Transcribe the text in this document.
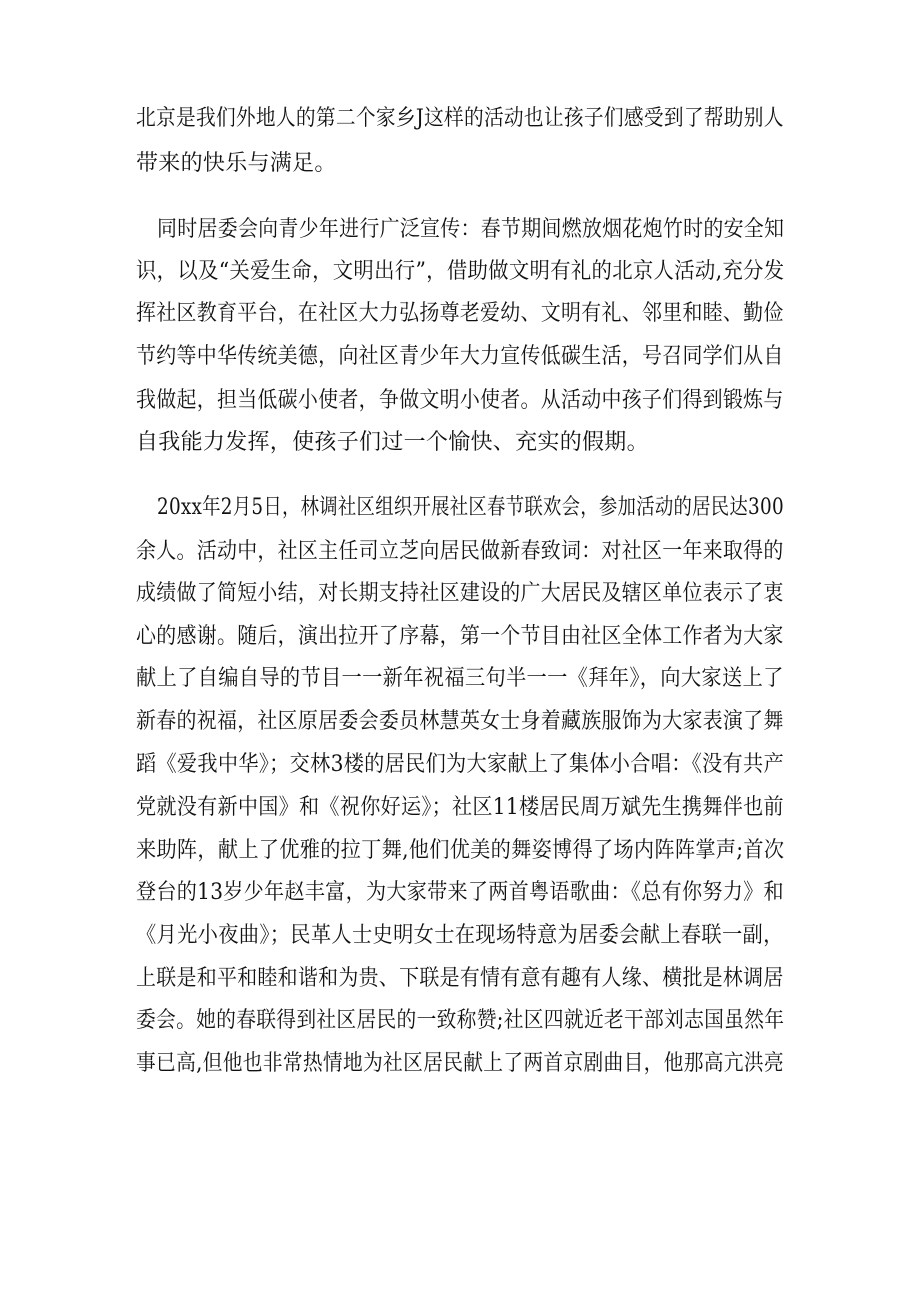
北京是我们外地人的第二个家乡J这样的活动也让孩子们感受到了帮助别人
带来的快乐与满足。
同时居委会向青少年进行广泛宣传：春节期间燃放烟花炮竹时的安全知
识，以及“关爱生命，文明出行”，借助做文明有礼的北京人活动,充分发
挥社区教育平台，在社区大力弘扬尊老爱幼、文明有礼、邻里和睦、勤俭
节约等中华传统美德，向社区青少年大力宣传低碳生活，号召同学们从自
我做起，担当低碳小使者，争做文明小使者。从活动中孩子们得到锻炼与
自我能力发挥，使孩子们过一个愉快、充实的假期。
20xx年2月5日，林调社区组织开展社区春节联欢会，参加活动的居民达300
余人。活动中，社区主任司立芝向居民做新春致词：对社区一年来取得的
成绩做了简短小结，对长期支持社区建设的广大居民及辖区单位表示了衷
心的感谢。随后，演出拉开了序幕，第一个节目由社区全体工作者为大家
献上了自编自导的节目一一新年祝福三句半一一《拜年》，向大家送上了
新春的祝福，社区原居委会委员林慧英女士身着藏族服饰为大家表演了舞
蹈《爱我中华》；交林3楼的居民们为大家献上了集体小合唱：《没有共产
党就没有新中国》和《祝你好运》；社区11楼居民周万斌先生携舞伴也前
来助阵，献上了优雅的拉丁舞,他们优美的舞姿博得了场内阵阵掌声;首次
登台的13岁少年赵丰富，为大家带来了两首粤语歌曲：《总有你努力》和
《月光小夜曲》；民革人士史明女士在现场特意为居委会献上春联一副，
上联是和平和睦和谐和为贵、下联是有情有意有趣有人缘、横批是林调居
委会。她的春联得到社区居民的一致称赞;社区四就近老干部刘志国虽然年
事已高,但他也非常热情地为社区居民献上了两首京剧曲目，他那高亢洪亮
